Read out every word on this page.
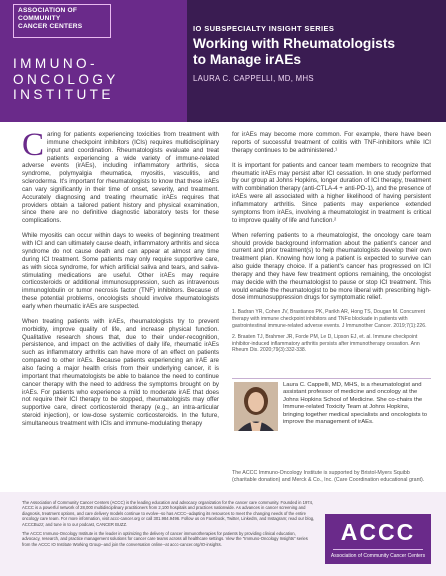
ASSOCIATION OF
COMMUNITY
CANCER CENTERS
IMMUNO-
ONCOLOGY
INSTITUTE
IO SUBSPECIALTY INSIGHT SERIES
Working with Rheumatologists
to Manage irAEs
LAURA C. CAPPELLI, MD, MHS

Caring for patients experiencing toxicities from treatment with immune checkpoint inhibitors (ICIs) requires multidisciplinary input and coordination. Rheumatologists evaluate and treat patients experiencing a wide variety of immune-related adverse events (irAEs), including inflammatory arthritis, sicca syndrome, polymyalgia rheumatica, myositis, vasculitis, and scleroderma. It's important for rheumatologists to know that these irAEs can vary significantly in their time of onset, severity, and treatment. Accurately diagnosing and treating rheumatic irAEs requires that providers obtain a tailored patient history and physical examination, since there are no definitive diagnostic laboratory tests for these complications.

While myositis can occur within days to weeks of beginning treatment with ICI and can ultimately cause death, inflammatory arthritis and sicca syndrome do not cause death and can appear at almost any time during ICI treatment. Some patients may only require supportive care, as with sicca syndrome, for which artificial saliva and tears, and saliva-stimulating medications are useful. Other irAEs may require corticosteroids or additional immunosuppression, such as intravenous immunoglobulin or tumor necrosis factor (TNF) inhibitors. Because of these potential problems, oncologists should involve rheumatologists early when rheumatic irAEs are suspected.

When treating patients with irAEs, rheumatologists try to prevent morbidity, improve quality of life, and increase physical function. Qualitative research shows that, due to their under-recognition, persistence, and impact on the activities of daily life, rheumatic irAEs such as inflammatory arthritis can have more of an effect on patients compared to other irAEs. Because patients experiencing an irAE are also facing a major health crisis from their underlying cancer, it is important that rheumatologists be able to balance the need to continue cancer therapy with the need to address the symptoms brought on by irAEs. For patients who experience a mild to moderate irAE that does not require their ICI therapy to be stopped, rheumatologists may offer supportive care, direct corticosteroid therapy (e.g., an intra-articular steroid injection), or low-dose systemic corticosteroids. In the future, simultaneous treatment with ICIs and immune-modulating therapy

for irAEs may become more common. For example, there have been reports of successful treatment of colitis with TNF-inhibitors while ICI therapy continues to be administered.¹

It is important for patients and cancer team members to recognize that rheumatic irAEs may persist after ICI cessation. In one study performed by our group at Johns Hopkins, longer duration of ICI therapy, treatment with combination therapy (anti-CTLA-4 + anti-PD-1), and the presence of irAEs were all associated with a higher likelihood of having persistent inflammatory arthritis. Since patients may experience extended symptoms from irAEs, involving a rheumatologist in treatment is critical to improve quality of life and function.²

When referring patients to a rheumatologist, the oncology care team should provide background information about the patient's cancer and current and prior treatment(s) to help rheumatologists develop their own treatment plan. Knowing how long a patient is expected to survive can also guide therapy choice. If a patient's cancer has progressed on ICI therapy and they have few treatment options remaining, the oncologist may decide with the rheumatologist to pause or stop ICI treatment. This would enable the rheumatologist to be more liberal with prescribing high-dose immunosuppression drugs for symptomatic relief.

1. Badran YR, Cohen JV, Brastianos PK, Parikh AR, Hong TS, Dougan M. Concurrent therapy with immune checkpoint inhibitors and TNFα blockade in patients with gastrointestinal immune-related adverse events. J Immunother Cancer. 2019;7(1):226.
2. Braaten TJ, Brahmer JR, Forde PM, Le D, Lipson EJ, et. al. Immune checkpoint inhibitor-induced inflammatory arthritis persists after immunotherapy cessation. Ann Rheum Dis. 2020;79(3):332-338.
Laura C. Cappelli, MD, MHS, is a rheumatologist and assistant professor of medicine and oncology at the Johns Hopkins School of Medicine. She co-chairs the Immune-related Toxicity Team at Johns Hopkins, bringing together medical specialists and oncologists to improve the management of irAEs.
The ACCC Immuno-Oncology Institute is supported by Bristol-Myers Squibb (charitable donation) and Merck & Co., Inc. (Care Coordination educational grant).

The Association of Community Cancer Centers (ACCC) is the leading education and advocacy organization for the cancer care community. Founded in 1974, ACCC is a powerful network of 28,000 multidisciplinary practitioners from 2,100 hospitals and practices nationwide. As advances in cancer screening and diagnosis, treatment options, and care delivery models continue to evolve--so has ACCC--adapting its resources to meet the changing needs of the entire oncology care team. For more information, visit accc-cancer.org or call 301.984.9496. Follow us on Facebook, Twitter, LinkedIn, and Instagram; read our blog, ACCCBuzz; and tune in to our podcast, CANCER BUZZ.

The ACCC Immuno-Oncology Institute is the leader in optimizing the delivery of cancer immunotherapies for patients by providing clinical education, advocacy, research, and practice management solutions for cancer care teams across all healthcare settings. View the "Immuno-Oncology Insights" series from the ACCC IO Institute Working Group--and join the conversation online--at accc-cancer.org/IO-insights.	ACCC
Association of Community Cancer Centers
